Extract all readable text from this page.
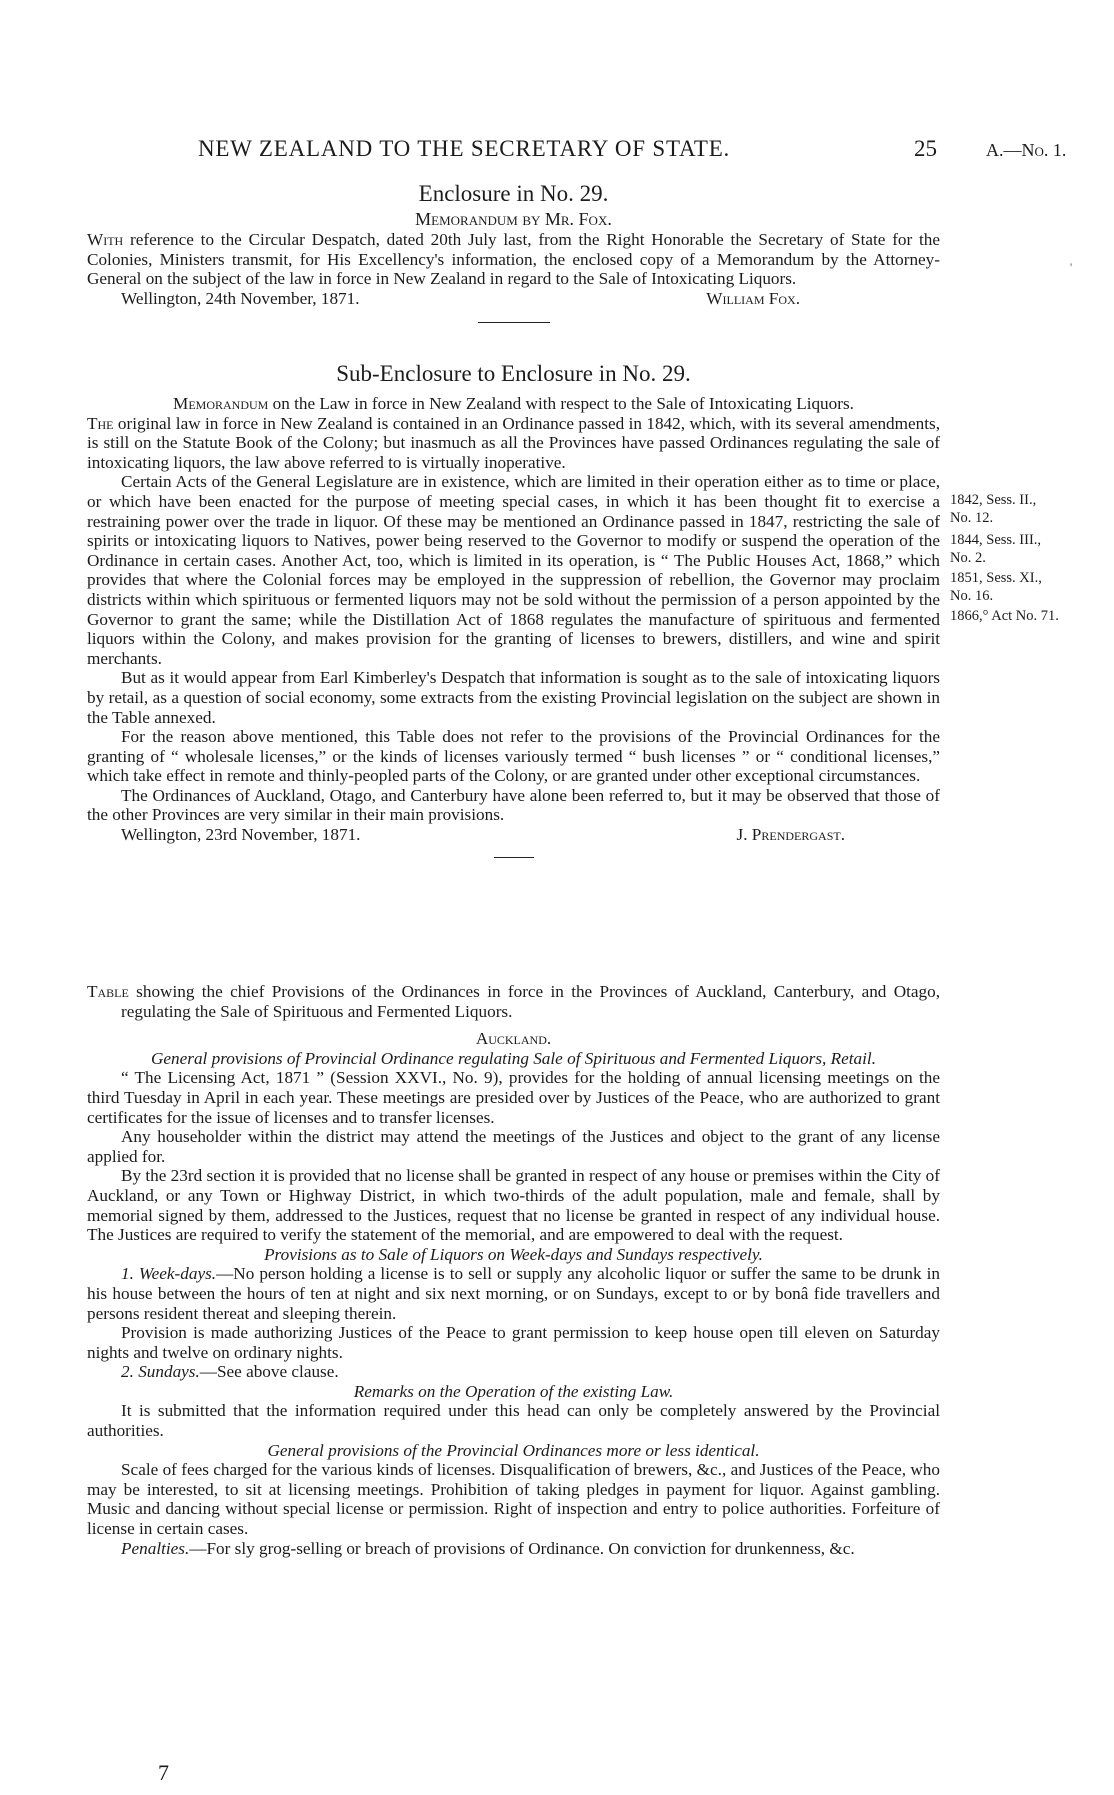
NEW ZEALAND TO THE SECRETARY OF STATE.	25	A.—No. 1.
Enclosure in No. 29.
Memorandum by Mr. Fox.

With reference to the Circular Despatch, dated 20th July last, from the Right Honorable the Secretary of State for the Colonies, Ministers transmit, for His Excellency's information, the enclosed copy of a Memorandum by the Attorney-General on the subject of the law in force in New Zealand in regard to the Sale of Intoxicating Liquors.

Wellington, 24th November, 1871.	William Fox.
Sub-Enclosure to Enclosure in No. 29.

Memorandum on the Law in force in New Zealand with respect to the Sale of Intoxicating Liquors.

The original law in force in New Zealand is contained in an Ordinance passed in 1842, which, with its several amendments, is still on the Statute Book of the Colony; but inasmuch as all the Provinces have passed Ordinances regulating the sale of intoxicating liquors, the law above referred to is virtually inoperative.

Certain Acts of the General Legislature are in existence, which are limited in their operation either as to time or place, or which have been enacted for the purpose of meeting special cases, in which it has been thought fit to exercise a restraining power over the trade in liquor. Of these may be mentioned an Ordinance passed in 1847, restricting the sale of spirits or intoxicating liquors to Natives, power being reserved to the Governor to modify or suspend the operation of the Ordinance in certain cases. Another Act, too, which is limited in its operation, is “ The Public Houses Act, 1868,” which provides that where the Colonial forces may be employed in the suppression of rebellion, the Governor may proclaim districts within which spirituous or fermented liquors may not be sold without the permission of a person appointed by the Governor to grant the same; while the Distillation Act of 1868 regulates the manufacture of spirituous and fermented liquors within the Colony, and makes provision for the granting of licenses to brewers, distillers, and wine and spirit merchants.

But as it would appear from Earl Kimberley's Despatch that information is sought as to the sale of intoxicating liquors by retail, as a question of social economy, some extracts from the existing Provincial legislation on the subject are shown in the Table annexed.

For the reason above mentioned, this Table does not refer to the provisions of the Provincial Ordinances for the granting of “ wholesale licenses,” or the kinds of licenses variously termed “ bush licenses ” or “ conditional licenses,” which take effect in remote and thinly-peopled parts of the Colony, or are granted under other exceptional circumstances.

The Ordinances of Auckland, Otago, and Canterbury have alone been referred to, but it may be observed that those of the other Provinces are very similar in their main provisions.

Wellington, 23rd November, 1871.	J. Prendergast.
1842, Sess. II.,
No. 12.
1844, Sess. III.,
No. 2.
1851, Sess. XI.,
No. 16.
1866,° Act No. 71.

Table showing the chief Provisions of the Ordinances in force in the Provinces of Auckland, Canterbury, and Otago, regulating the Sale of Spirituous and Fermented Liquors.

Auckland.

General provisions of Provincial Ordinance regulating Sale of Spirituous and Fermented Liquors, Retail.

“ The Licensing Act, 1871 ” (Session XXVI., No. 9), provides for the holding of annual licensing meetings on the third Tuesday in April in each year. These meetings are presided over by Justices of the Peace, who are authorized to grant certificates for the issue of licenses and to transfer licenses.

Any householder within the district may attend the meetings of the Justices and object to the grant of any license applied for.

By the 23rd section it is provided that no license shall be granted in respect of any house or premises within the City of Auckland, or any Town or Highway District, in which two-thirds of the adult population, male and female, shall by memorial signed by them, addressed to the Justices, request that no license be granted in respect of any individual house. The Justices are required to verify the statement of the memorial, and are empowered to deal with the request.

Provisions as to Sale of Liquors on Week-days and Sundays respectively.

1. Week-days.—No person holding a license is to sell or supply any alcoholic liquor or suffer the same to be drunk in his house between the hours of ten at night and six next morning, or on Sundays, except to or by bonâ fide travellers and persons resident thereat and sleeping therein.

Provision is made authorizing Justices of the Peace to grant permission to keep house open till eleven on Saturday nights and twelve on ordinary nights.

2. Sundays.—See above clause.

Remarks on the Operation of the existing Law.

It is submitted that the information required under this head can only be completely answered by the Provincial authorities.

General provisions of the Provincial Ordinances more or less identical.

Scale of fees charged for the various kinds of licenses. Disqualification of brewers, &c., and Justices of the Peace, who may be interested, to sit at licensing meetings. Prohibition of taking pledges in payment for liquor. Against gambling. Music and dancing without special license or permission. Right of inspection and entry to police authorities. Forfeiture of license in certain cases.

Penalties.—For sly grog-selling or breach of provisions of Ordinance. On conviction for drunkenness, &c.

7
'
